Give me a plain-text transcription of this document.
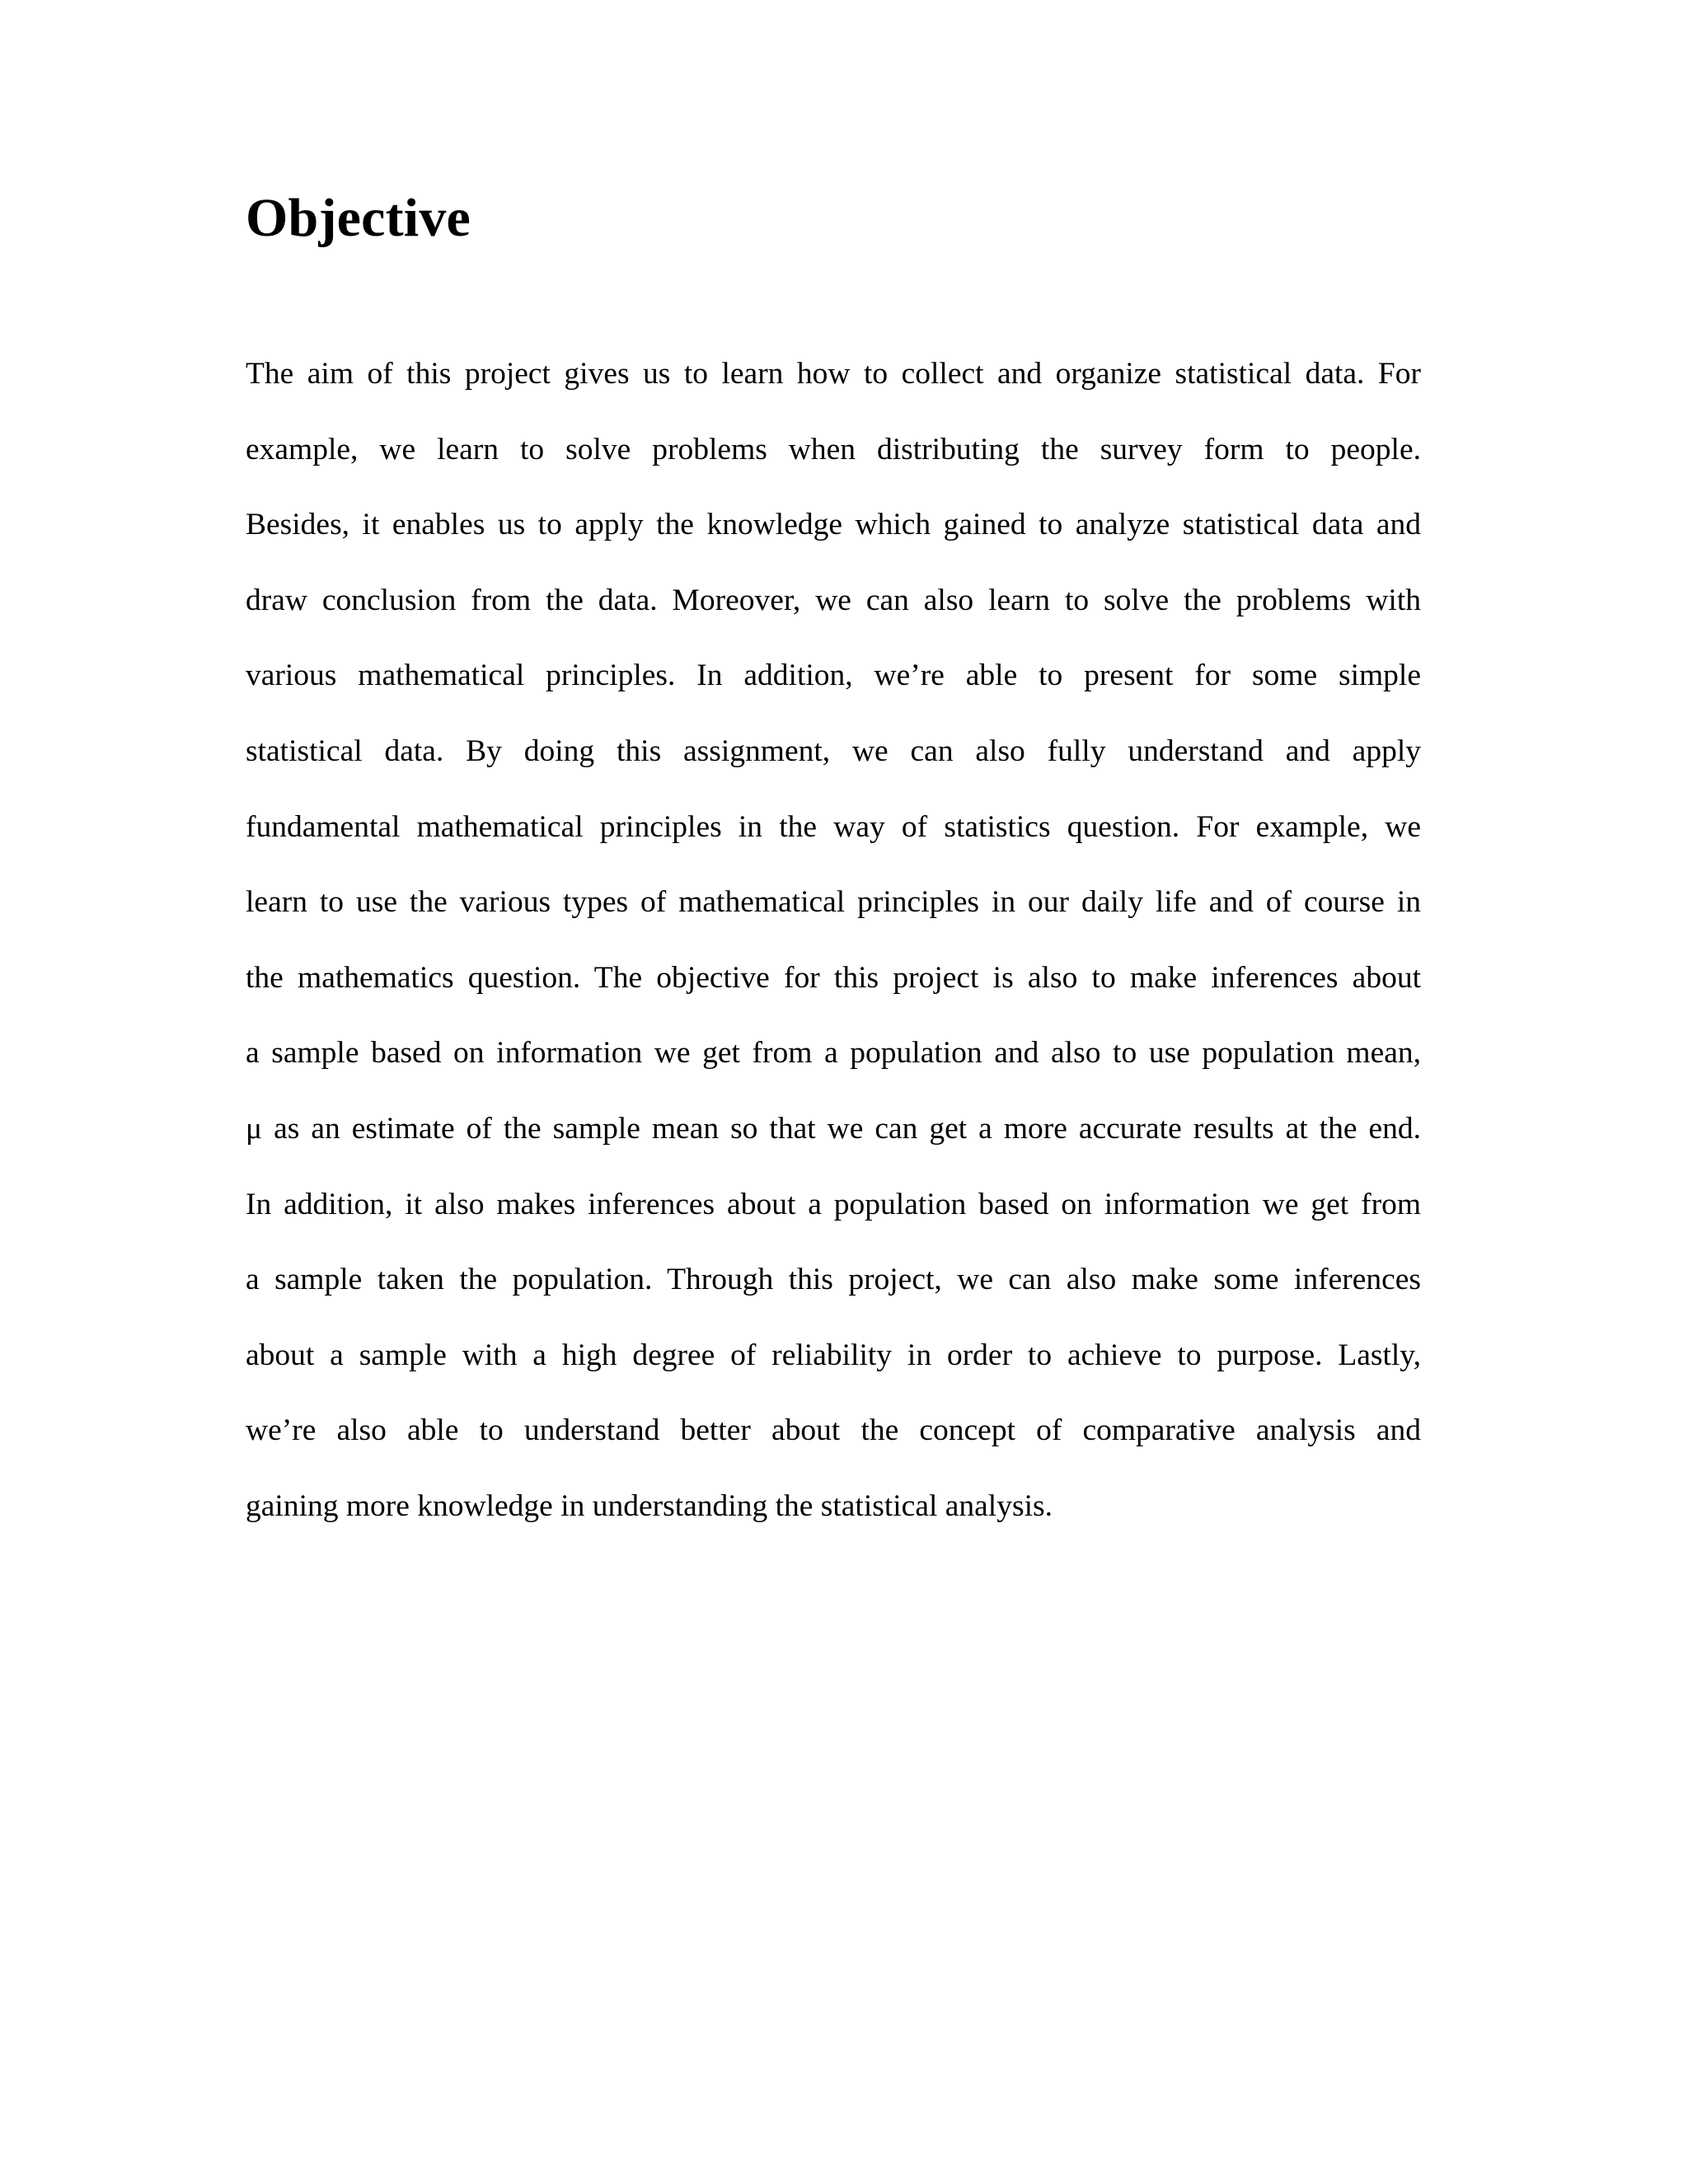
Objective
The aim of this project gives us to learn how to collect and organize statistical data. For
example, we learn to solve problems when distributing the survey form to people.
Besides, it enables us to apply the knowledge which gained to analyze statistical data and
draw conclusion from the data. Moreover, we can also learn to solve the problems with
various mathematical principles. In addition, we’re able to present for some simple
statistical data. By doing this assignment, we can also fully understand and apply
fundamental mathematical principles in the way of statistics question. For example, we
learn to use the various types of mathematical principles in our daily life and of course in
the mathematics question. The objective for this project is also to make inferences about
a sample based on information we get from a population and also to use population mean,
μ as an estimate of the sample mean so that we can get a more accurate results at the end.
In addition, it also makes inferences about a population based on information we get from
a sample taken the population. Through this project, we can also make some inferences
about a sample with a high degree of reliability in order to achieve to purpose. Lastly,
we’re also able to understand better about the concept of comparative analysis and
gaining more knowledge in understanding the statistical analysis.
